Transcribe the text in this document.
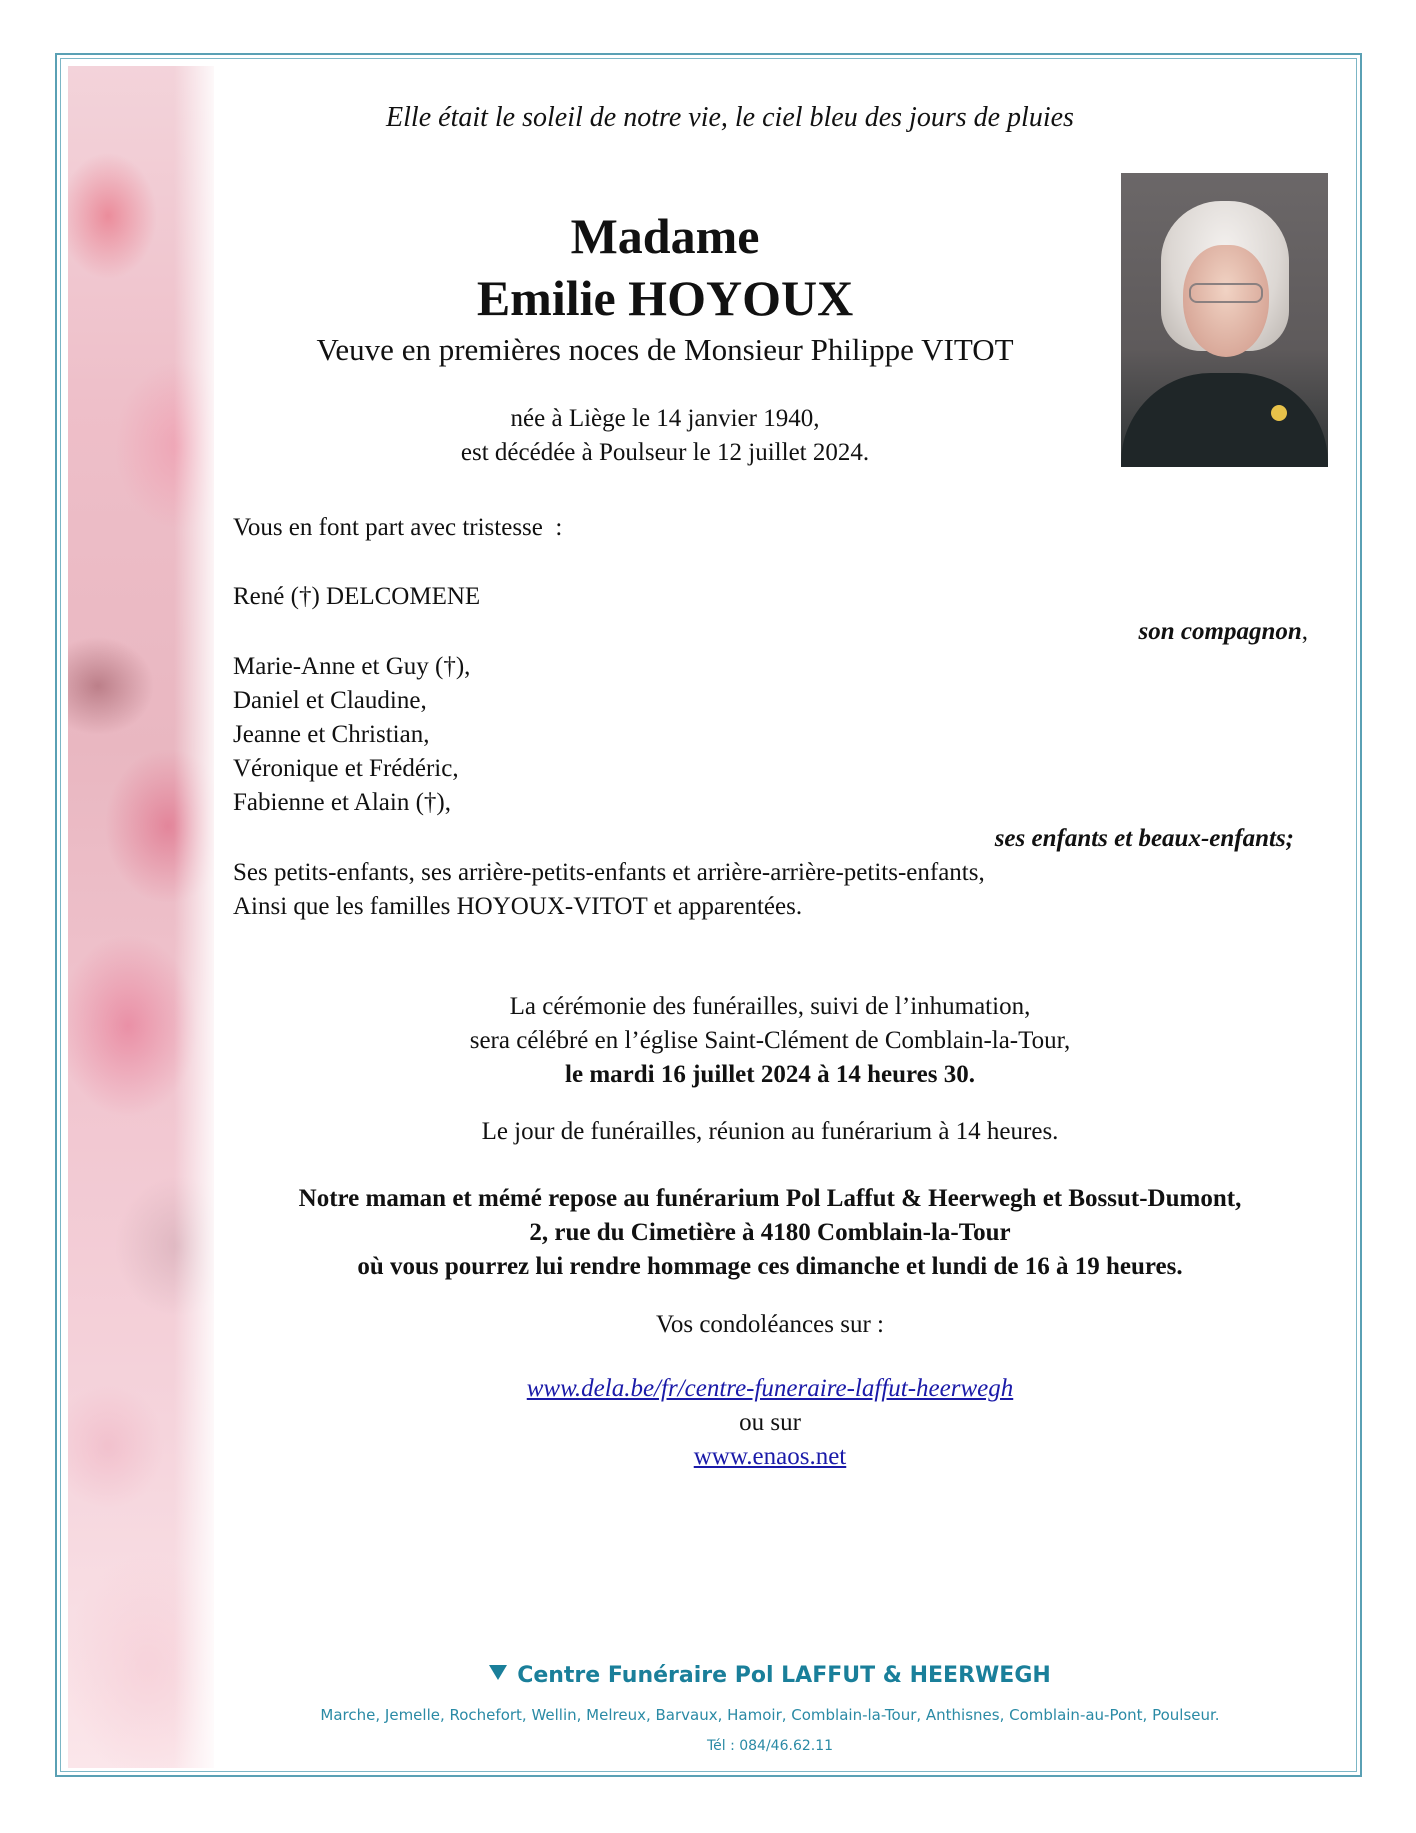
Elle était le soleil de notre vie, le ciel bleu des jours de pluies
Madame
Emilie HOYOUX
Veuve en premières noces de Monsieur Philippe VITOT
née à Liège le 14 janvier 1940,
est décédée à Poulseur le 12 juillet 2024.
Vous en font part avec tristesse  :
René (†) DELCOMENE
son compagnon,
Marie-Anne et Guy (†),
Daniel et Claudine,
Jeanne et Christian,
Véronique et Frédéric,
Fabienne et Alain (†),
ses enfants et beaux-enfants;
Ses petits-enfants, ses arrière-petits-enfants et arrière-arrière-petits-enfants,
Ainsi que les familles HOYOUX-VITOT et apparentées.
La cérémonie des funérailles, suivi de l’inhumation,
sera célébré en l’église Saint-Clément de Comblain-la-Tour,
le mardi 16 juillet 2024 à 14 heures 30.
Le jour de funérailles, réunion au funérarium à 14 heures.
Notre maman et mémé repose au funérarium Pol Laffut & Heerwegh et Bossut-Dumont,
2, rue du Cimetière à 4180 Comblain-la-Tour
où vous pourrez lui rendre hommage ces dimanche et lundi de 16 à 19 heures.
Vos condoléances sur :
www.dela.be/fr/centre-funeraire-laffut-heerwegh
ou sur
www.enaos.net
Centre Funéraire Pol LAFFUT & HEERWEGH
Marche, Jemelle, Rochefort, Wellin, Melreux, Barvaux, Hamoir, Comblain-la-Tour, Anthisnes, Comblain-au-Pont, Poulseur.
Tél : 084/46.62.11
